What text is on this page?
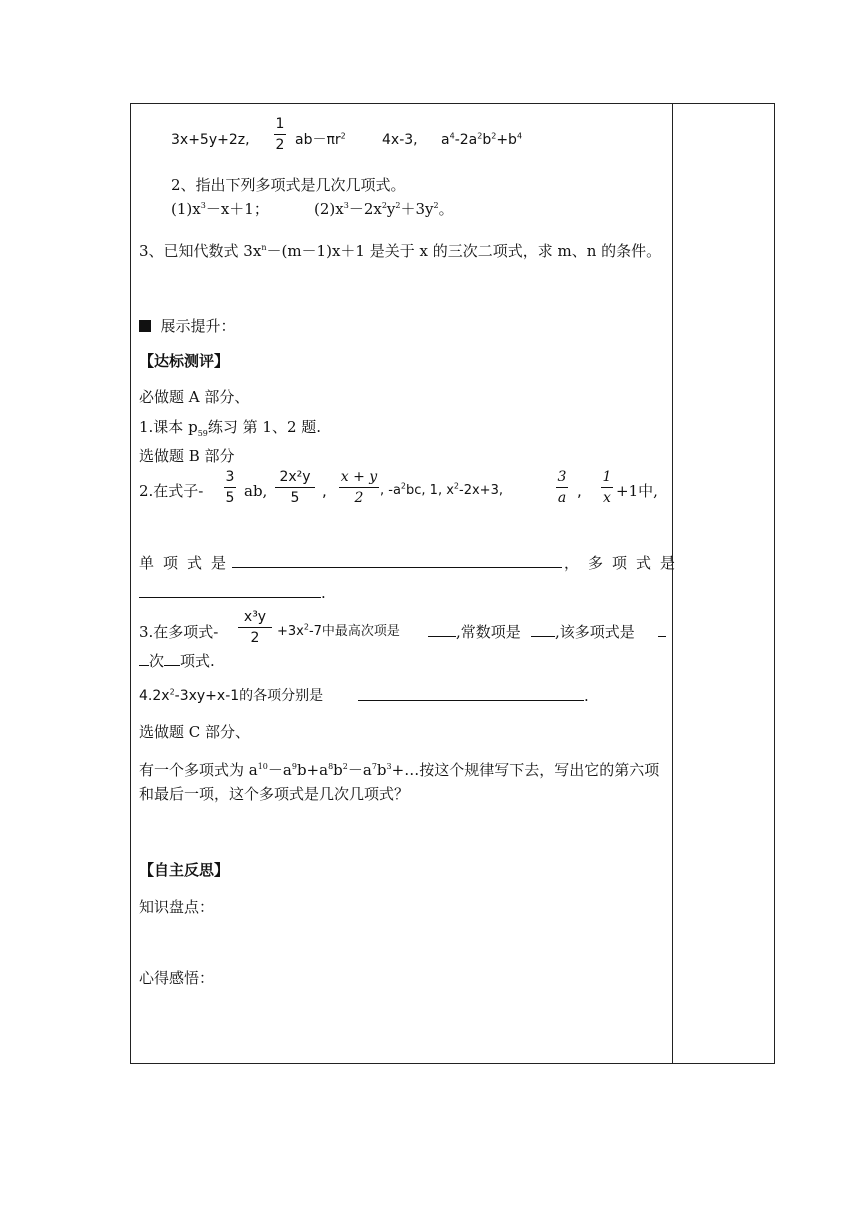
3x+5y+2z,
1
2 $ab-\pi r^2$	4x-3, $a^4-2a^2b^2+b^4$
2、指出下列多项式是几次几项式。
$(1)x^3-x+1$；	$(2)x^3-2x^2y^2+3y^2$。
3、已知代数式 $3x^n-(m-1)x+1$ 是关于 x 的三次二项式，求 m、n 的条件。
展示提升：
【达标测评】
必做题 A 部分、
1.课本 $p_{59}$练习 第 1、2 题.
选做题 B 部分
2.在式子-
3
5 ab,
2x²y
5	,
x + y
2	, $-a^2bc$, 1, $x^2-2x+3$,
3
a ,
1
x +1中,
单项式是	，多项式是
.
3.在多项式-
x³y
2	$+3x^2-7$中最高次项是	,常数项是	,该多项式是
次 项式.
$4.2x^2-3xy+x-1$的各项分别是	.
选做题 C 部分、
有一个多项式为 $a^{10}-a^9b+a^8b^2-a^7b^3+\dots$按这个规律写下去，写出它的第六项和最后一项，这个多项式是几次几项式？
【自主反思】
知识盘点：
心得感悟：
